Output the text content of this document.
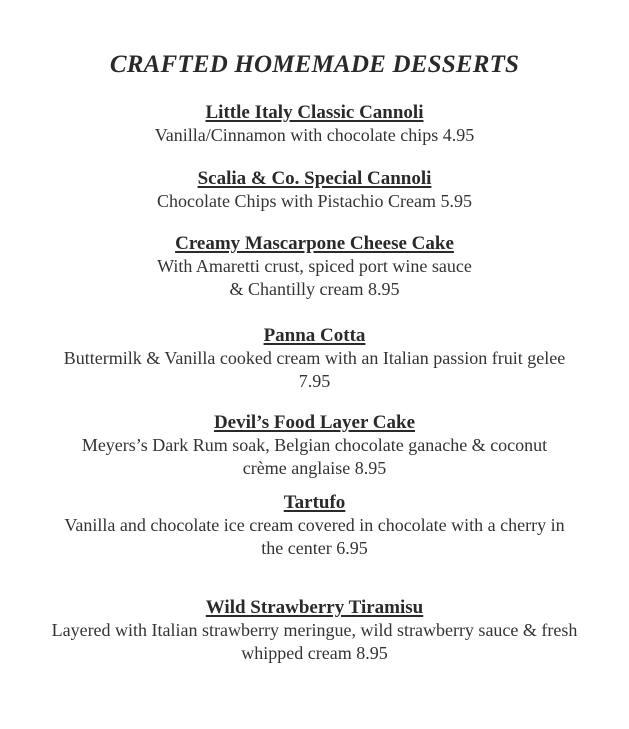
CRAFTED HOMEMADE DESSERTS
Little Italy Classic Cannoli
Vanilla/Cinnamon with chocolate chips 4.95
Scalia & Co. Special Cannoli
Chocolate Chips with Pistachio Cream 5.95
Creamy Mascarpone Cheese Cake
With Amaretti crust, spiced port wine sauce
& Chantilly cream 8.95
Panna Cotta
Buttermilk & Vanilla cooked cream with an Italian passion fruit gelee
7.95
Devil’s Food Layer Cake
Meyers’s Dark Rum soak, Belgian chocolate ganache & coconut
crème anglaise 8.95
Tartufo
Vanilla and chocolate ice cream covered in chocolate with a cherry in
the center 6.95
Wild Strawberry Tiramisu
Layered with Italian strawberry meringue, wild strawberry sauce & fresh
whipped cream 8.95
